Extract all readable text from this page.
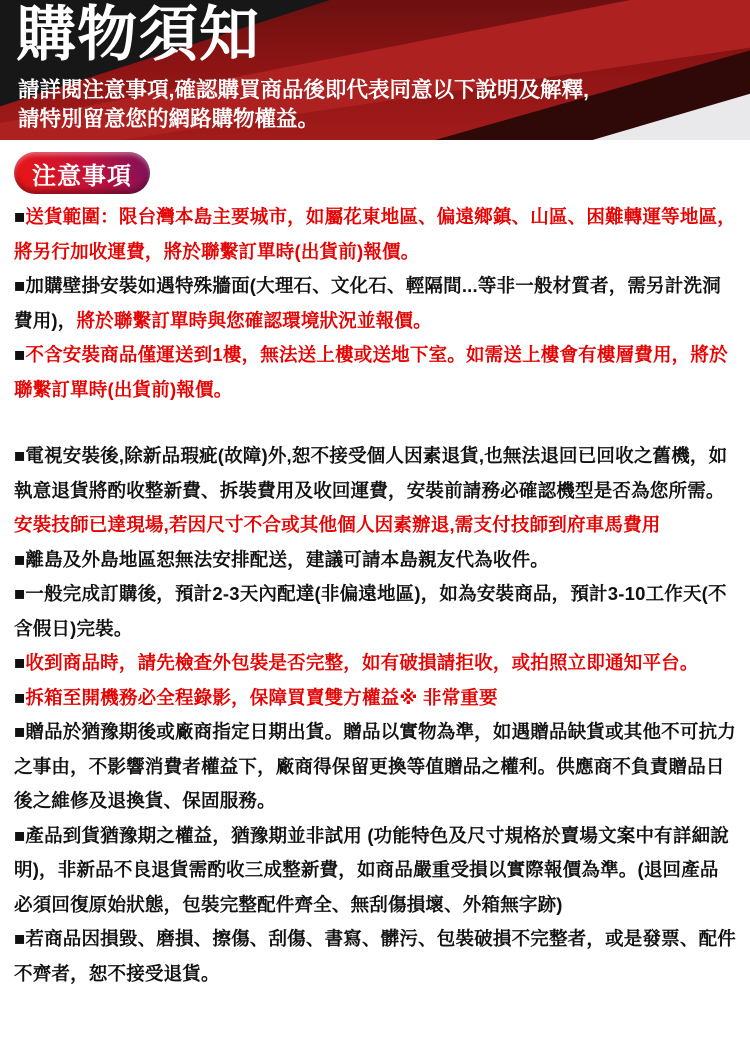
購物須知
請詳閱注意事項,確認購買商品後即代表同意以下說明及解釋,請特別留意您的網路購物權益。
注意事項

■送貨範圍：限台灣本島主要城市，如屬花東地區、偏遠鄉鎮、山區、困難轉運等地區，將另行加收運費，將於聯繫訂單時(出貨前)報價。

■加購壁掛安裝如遇特殊牆面(大理石、文化石、輕隔間...等非一般材質者，需另計洗洞費用)，將於聯繫訂單時與您確認環境狀況並報價。

■不含安裝商品僅運送到1樓，無法送上樓或送地下室。如需送上樓會有樓層費用，將於聯繫訂單時(出貨前)報價。

■電視安裝後,除新品瑕疵(故障)外,恕不接受個人因素退貨,也無法退回已回收之舊機，如執意退貨將酌收整新費、拆裝費用及收回運費，安裝前請務必確認機型是否為您所需。

安裝技師已達現場,若因尺寸不合或其他個人因素辦退,需支付技師到府車馬費用

■離島及外島地區恕無法安排配送，建議可請本島親友代為收件。

■一般完成訂購後，預計2-3天內配達(非偏遠地區)，如為安裝商品，預計3-10工作天(不含假日)完裝。

■收到商品時，請先檢查外包裝是否完整，如有破損請拒收，或拍照立即通知平台。

■拆箱至開機務必全程錄影，保障買賣雙方權益※ 非常重要

■贈品於猶豫期後或廠商指定日期出貨。贈品以實物為準，如遇贈品缺貨或其他不可抗力之事由，不影響消費者權益下，廠商得保留更換等值贈品之權利。供應商不負責贈品日後之維修及退換貨、保固服務。

■產品到貨猶豫期之權益，猶豫期並非試用 (功能特色及尺寸規格於賣場文案中有詳細說明)，非新品不良退貨需酌收三成整新費，如商品嚴重受損以實際報價為準。(退回產品必須回復原始狀態，包裝完整配件齊全、無刮傷損壞、外箱無字跡)

■若商品因損毀、磨損、擦傷、刮傷、書寫、髒污、包裝破損不完整者，或是發票、配件不齊者，恕不接受退貨。
